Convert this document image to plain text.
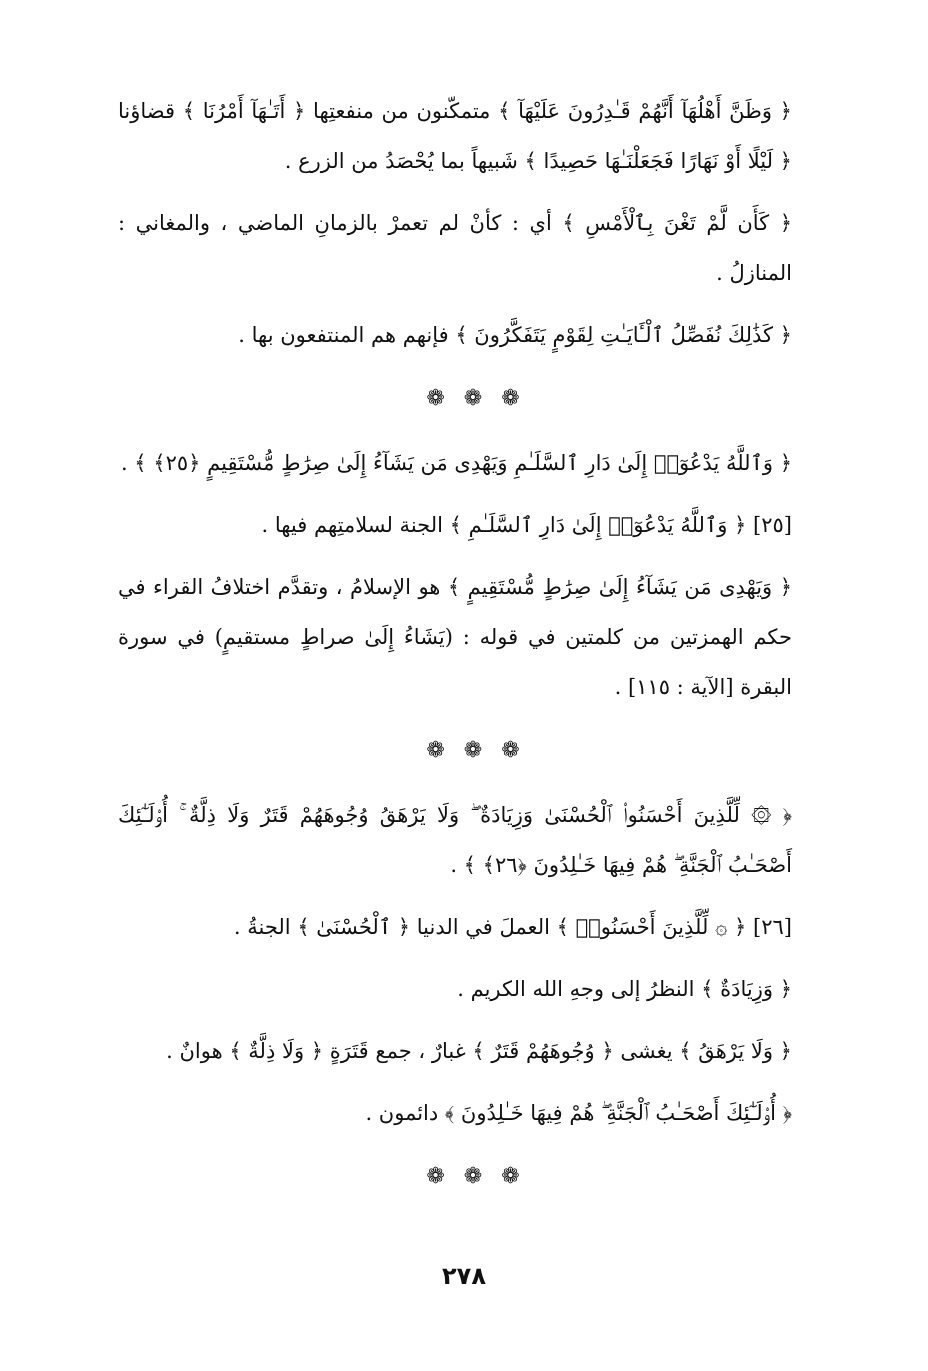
﴿ وَظَنَّ أَهْلُهَآ أَنَّهُمْ قَـٰدِرُونَ عَلَيْهَآ ﴾ متمكّنون من منفعتِها ﴿ أَتَـٰهَآ أَمْرُنَا ﴾ قضاؤنا ﴿ لَيْلًا أَوْ نَهَارًا فَجَعَلْنَـٰهَا حَصِيدًا ﴾ شَبيهاً بما يُحْصَدُ من الزرع .

﴿ كَأَن لَّمْ تَغْنَ بِٱلْأَمْسِ ﴾ أي : كأنْ لم تعمرْ بالزمانِ الماضي ، والمغاني : المنازلُ .

﴿ كَذَٰلِكَ نُفَصِّلُ ٱلْـَٔايَـٰتِ لِقَوْمٍ يَتَفَكَّرُونَ ﴾ فإنهم هم المنتفعون بها .

❁ ❁ ❁

﴿ وَٱللَّهُ يَدْعُوٓا۟ إِلَىٰ دَارِ ٱلسَّلَـٰمِ وَيَهْدِى مَن يَشَآءُ إِلَىٰ صِرَٰطٍ مُّسْتَقِيمٍ ﴿٢٥﴾ ﴾ .

[٢٥] ﴿ وَٱللَّهُ يَدْعُوٓا۟ إِلَىٰ دَارِ ٱلسَّلَـٰمِ ﴾ الجنة لسلامتِهم فيها .

﴿ وَيَهْدِى مَن يَشَآءُ إِلَىٰ صِرَٰطٍ مُّسْتَقِيمٍ ﴾ هو الإسلامُ ، وتقدَّم اختلافُ القراء في حكم الهمزتين من كلمتين في قوله : (يَشَاءُ إِلَىٰ صراطٍ مستقيمٍ) في سورة البقرة [الآية : ١١٥] .

❁ ❁ ❁

﴿ ۞ لِّلَّذِينَ أَحْسَنُوا۟ ٱلْحُسْنَىٰ وَزِيَادَةٌ ۖ وَلَا يَرْهَقُ وُجُوهَهُمْ قَتَرٌ وَلَا ذِلَّةٌ ۚ أُو۟لَـٰٓئِكَ أَصْحَـٰبُ ٱلْجَنَّةِ ۖ هُمْ فِيهَا خَـٰلِدُونَ ﴿٢٦﴾ ﴾ .

[٢٦] ﴿ ۞ لِّلَّذِينَ أَحْسَنُوا۟ ﴾ العملَ في الدنيا ﴿ ٱلْحُسْنَىٰ ﴾ الجنةُ .

﴿ وَزِيَادَةٌ ﴾ النظرُ إلى وجهِ الله الكريم .

﴿ وَلَا يَرْهَقُ ﴾ يغشى ﴿ وُجُوهَهُمْ قَتَرٌ ﴾ غبارٌ ، جمع قَتَرَةٍ ﴿ وَلَا ذِلَّةٌ ﴾ هوانٌ .

﴿ أُو۟لَـٰٓئِكَ أَصْحَـٰبُ ٱلْجَنَّةِ ۖ هُمْ فِيهَا خَـٰلِدُونَ ﴾ دائمون .

❁ ❁ ❁
٢٧٨
